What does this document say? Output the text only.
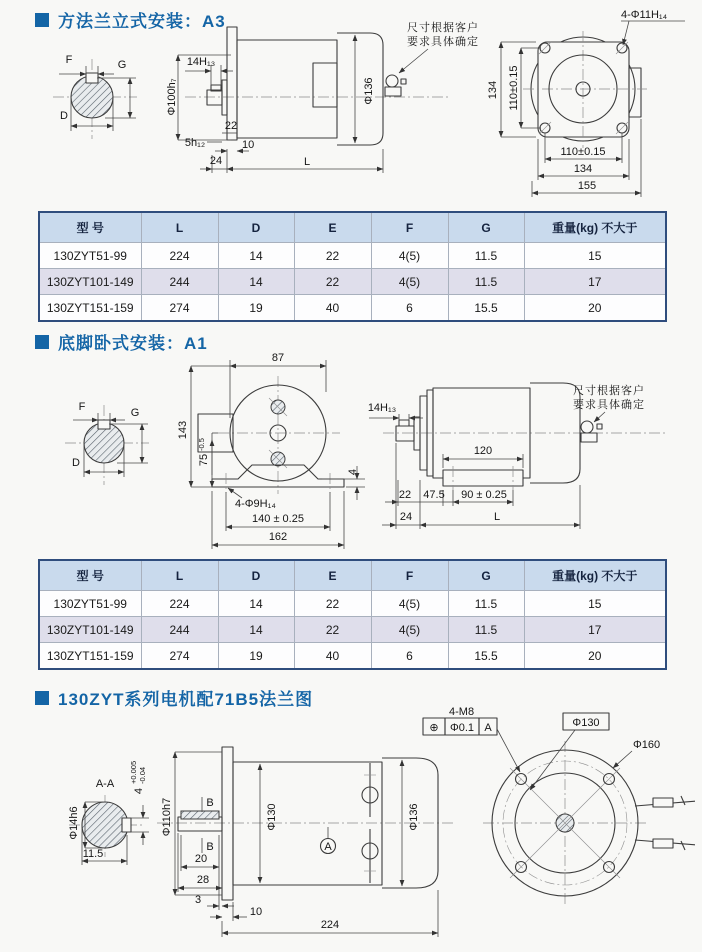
方法兰立式安装：A3
F	G
D
Φ136
尺寸根据客户
要求具体确定
14H₁₃
Φ100h₇
22
5h₁₂	10
24	L
4-Φ11H₁₄
134 110±0.15
110±0.15
134
155
型 号	L	D	E	F	G	重量(kg) 不大于
130ZYT51-99	224	14	22	4(5)	11.5	15
130ZYT101-149	244	14	22	4(5)	11.5	17
130ZYT151-159	274	19	40	6	15.5	20
底脚卧式安装：A1
F	G
D
87
143
75
-0.5
4
4-Φ9H₁₄
140 ± 0.25
162
尺寸根据客户
要求具体确定
14H₁₃
120
22 47.5 90 ± 0.25
24	L
型 号	L	D	E	F	G	重量(kg) 不大于
130ZYT51-99	224	14	22	4(5)	11.5	15
130ZYT101-149	244	14	22	4(5)	11.5	17
130ZYT151-159	274	19	40	6	15.5	20
130ZYT系列电机配71B5法兰图
A-A
Φ14h6
4
+0.005 -0.04
11.5
B
B	A
Φ110h7	Φ130	Φ136
20
28
3
10
224
4-M8
⊕ Φ0.1 A	Φ130
Φ160
